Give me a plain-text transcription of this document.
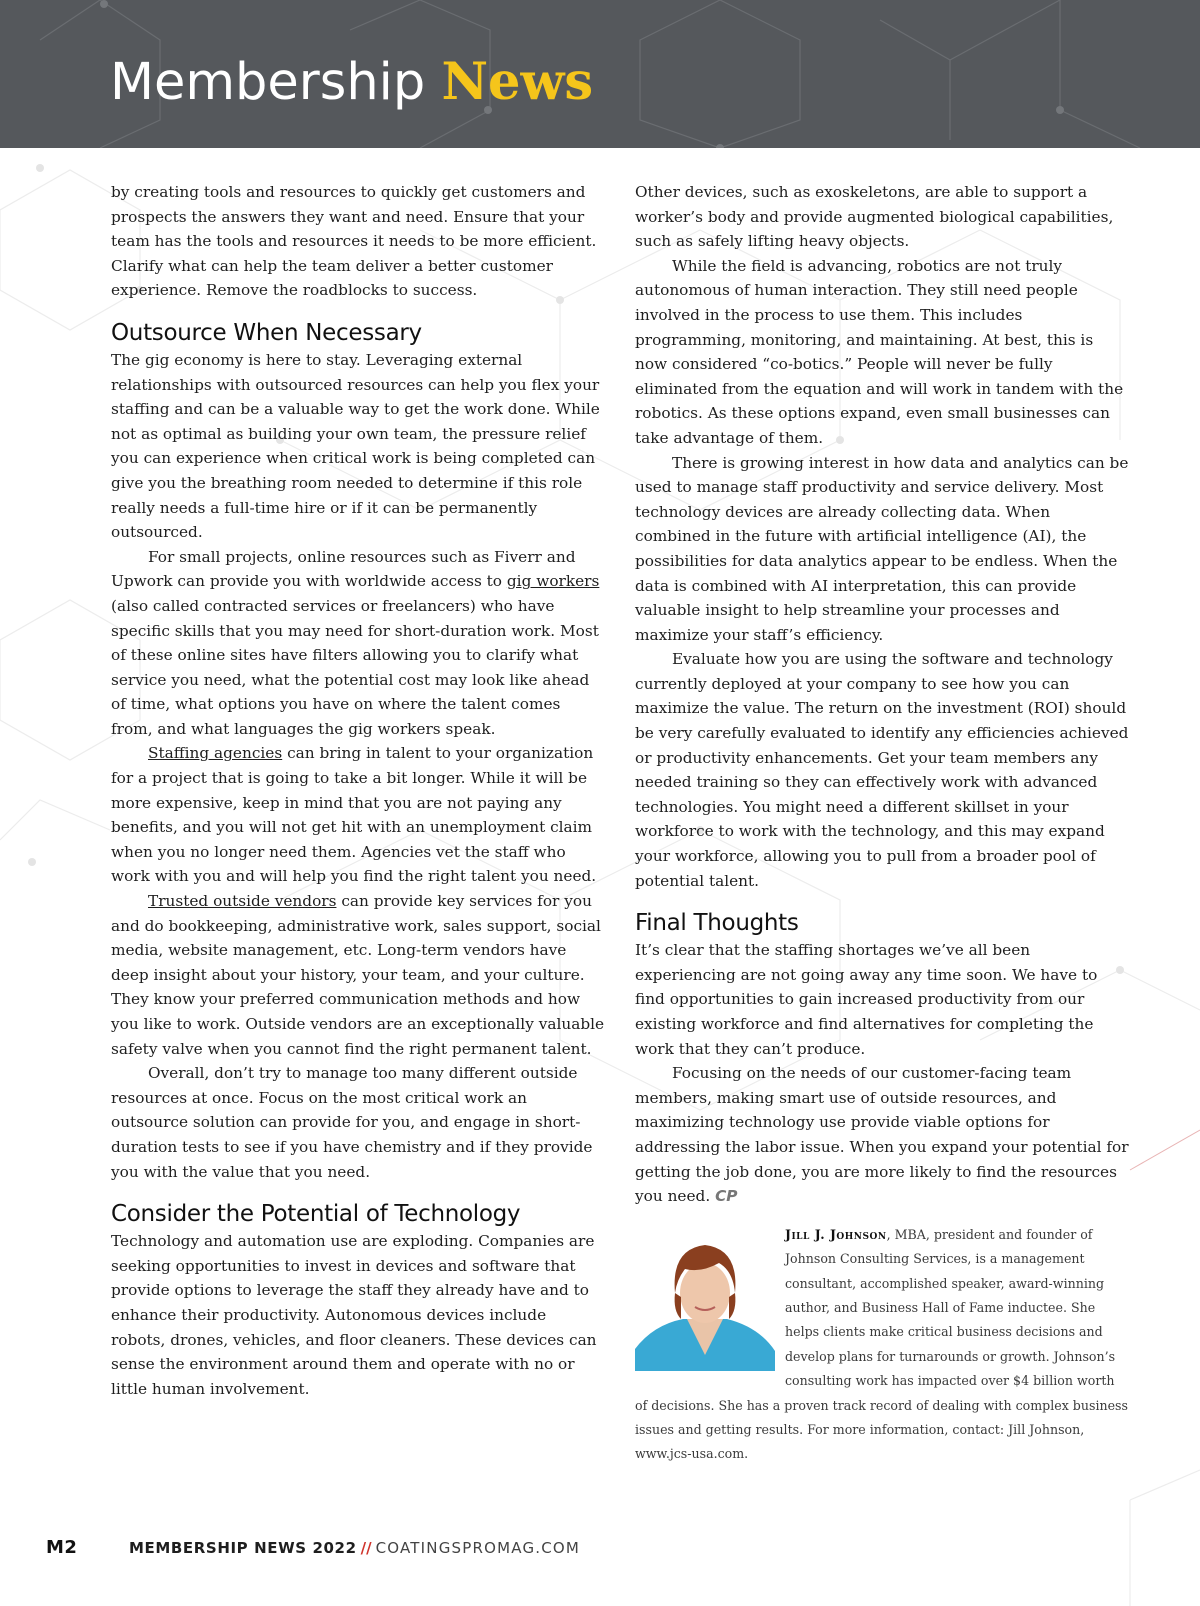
Membership News

by creating tools and resources to quickly get customers and prospects the answers they want and need. Ensure that your team has the tools and resources it needs to be more efficient. Clarify what can help the team deliver a better customer experience. Remove the roadblocks to success.

Outsource When Necessary

The gig economy is here to stay. Leveraging external relationships with outsourced resources can help you flex your staffing and can be a valuable way to get the work done. While not as optimal as building your own team, the pressure relief you can experience when critical work is being completed can give you the breathing room needed to determine if this role really needs a full-time hire or if it can be permanently outsourced.

For small projects, online resources such as Fiverr and Upwork can provide you with worldwide access to gig workers (also called contracted services or freelancers) who have specific skills that you may need for short-duration work. Most of these online sites have filters allowing you to clarify what service you need, what the potential cost may look like ahead of time, what options you have on where the talent comes from, and what languages the gig workers speak.

Staffing agencies can bring in talent to your organization for a project that is going to take a bit longer. While it will be more expensive, keep in mind that you are not paying any benefits, and you will not get hit with an unemployment claim when you no longer need them. Agencies vet the staff who work with you and will help you find the right talent you need.

Trusted outside vendors can provide key services for you and do bookkeeping, administrative work, sales support, social media, website management, etc. Long-term vendors have deep insight about your history, your team, and your culture. They know your preferred communication methods and how you like to work. Outside vendors are an exceptionally valuable safety valve when you cannot find the right permanent talent.

Overall, don’t try to manage too many different outside resources at once. Focus on the most critical work an outsource solution can provide for you, and engage in short-duration tests to see if you have chemistry and if they provide you with the value that you need.

Consider the Potential of Technology

Technology and automation use are exploding. Companies are seeking opportunities to invest in devices and software that provide options to leverage the staff they already have and to enhance their productivity. Autonomous devices include robots, drones, vehicles, and floor cleaners. These devices can sense the environment around them and operate with no or little human involvement.

Other devices, such as exoskeletons, are able to support a worker’s body and provide augmented biological capabilities, such as safely lifting heavy objects.

While the field is advancing, robotics are not truly autonomous of human interaction. They still need people involved in the process to use them. This includes programming, monitoring, and maintaining. At best, this is now considered “co-botics.” People will never be fully eliminated from the equation and will work in tandem with the robotics. As these options expand, even small businesses can take advantage of them.

There is growing interest in how data and analytics can be used to manage staff productivity and service delivery. Most technology devices are already collecting data. When combined in the future with artificial intelligence (AI), the possibilities for data analytics appear to be endless. When the data is combined with AI interpretation, this can provide valuable insight to help streamline your processes and maximize your staff’s efficiency.

Evaluate how you are using the software and technology currently deployed at your company to see how you can maximize the value. The return on the investment (ROI) should be very carefully evaluated to identify any efficiencies achieved or productivity enhancements. Get your team members any needed training so they can effectively work with advanced technologies. You might need a different skillset in your workforce to work with the technology, and this may expand your workforce, allowing you to pull from a broader pool of potential talent.

Final Thoughts

It’s clear that the staffing shortages we’ve all been experiencing are not going away any time soon. We have to find opportunities to gain increased productivity from our existing workforce and find alternatives for completing the work that they can’t produce.

Focusing on the needs of our customer-facing team members, making smart use of outside resources, and maximizing technology use provide viable options for addressing the labor issue. When you expand your potential for getting the job done, you are more likely to find the resources you need. CP

Jill J. Johnson, MBA, president and founder of Johnson Consulting Services, is a management consultant, accomplished speaker, award-winning author, and Business Hall of Fame inductee. She helps clients make critical business decisions and develop plans for turnarounds or growth. Johnson’s consulting work has impacted over $4 billion worth of decisions. She has a proven track record of dealing with complex business issues and getting results. For more information, contact: Jill Johnson, www.jcs-usa.com.
M2	MEMBERSHIP NEWS 2022 // COATINGSPROMAG.COM
